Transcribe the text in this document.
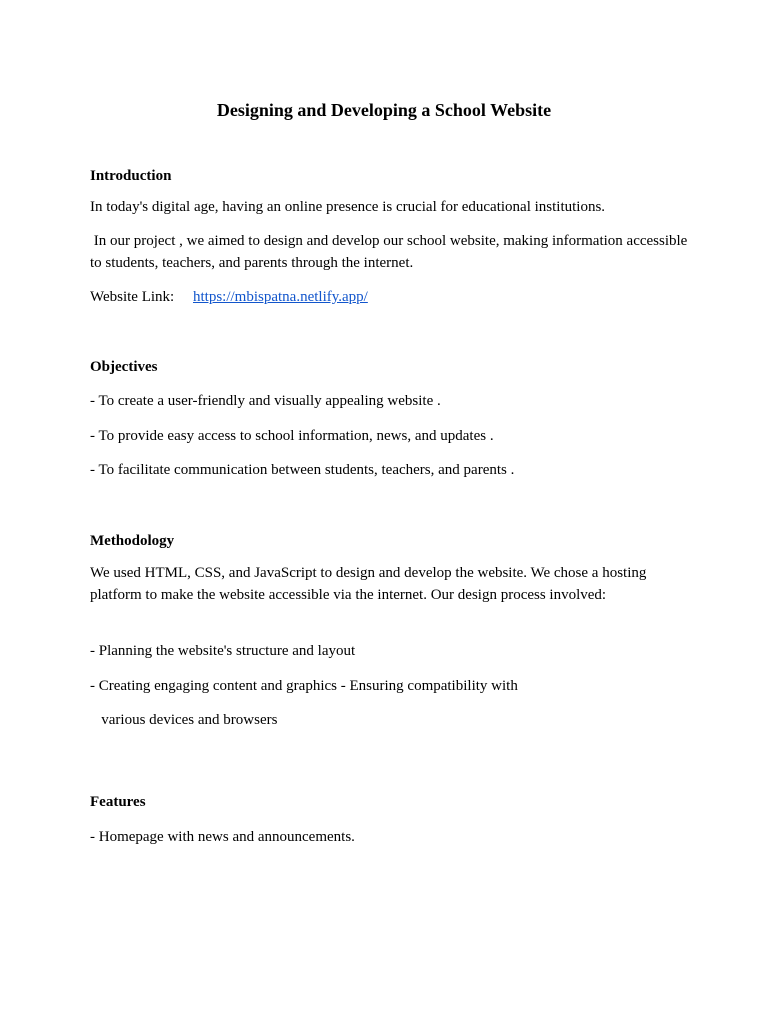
Designing and Developing a School Website
Introduction

In today's digital age, having an online presence is crucial for educational institutions.

In our project , we aimed to design and develop our school website, making information accessible to students, teachers, and parents through the internet.

Website Link: https://mbispatna.netlify.app/

Objectives

- To create a user-friendly and visually appealing website .

- To provide easy access to school information, news, and updates .

- To facilitate communication between students, teachers, and parents .

Methodology

We used HTML, CSS, and JavaScript to design and develop the website. We chose a hosting platform to make the website accessible via the internet. Our design process involved:

- Planning the website's structure and layout

- Creating engaging content and graphics - Ensuring compatibility with

various devices and browsers

Features

- Homepage with news and announcements.
